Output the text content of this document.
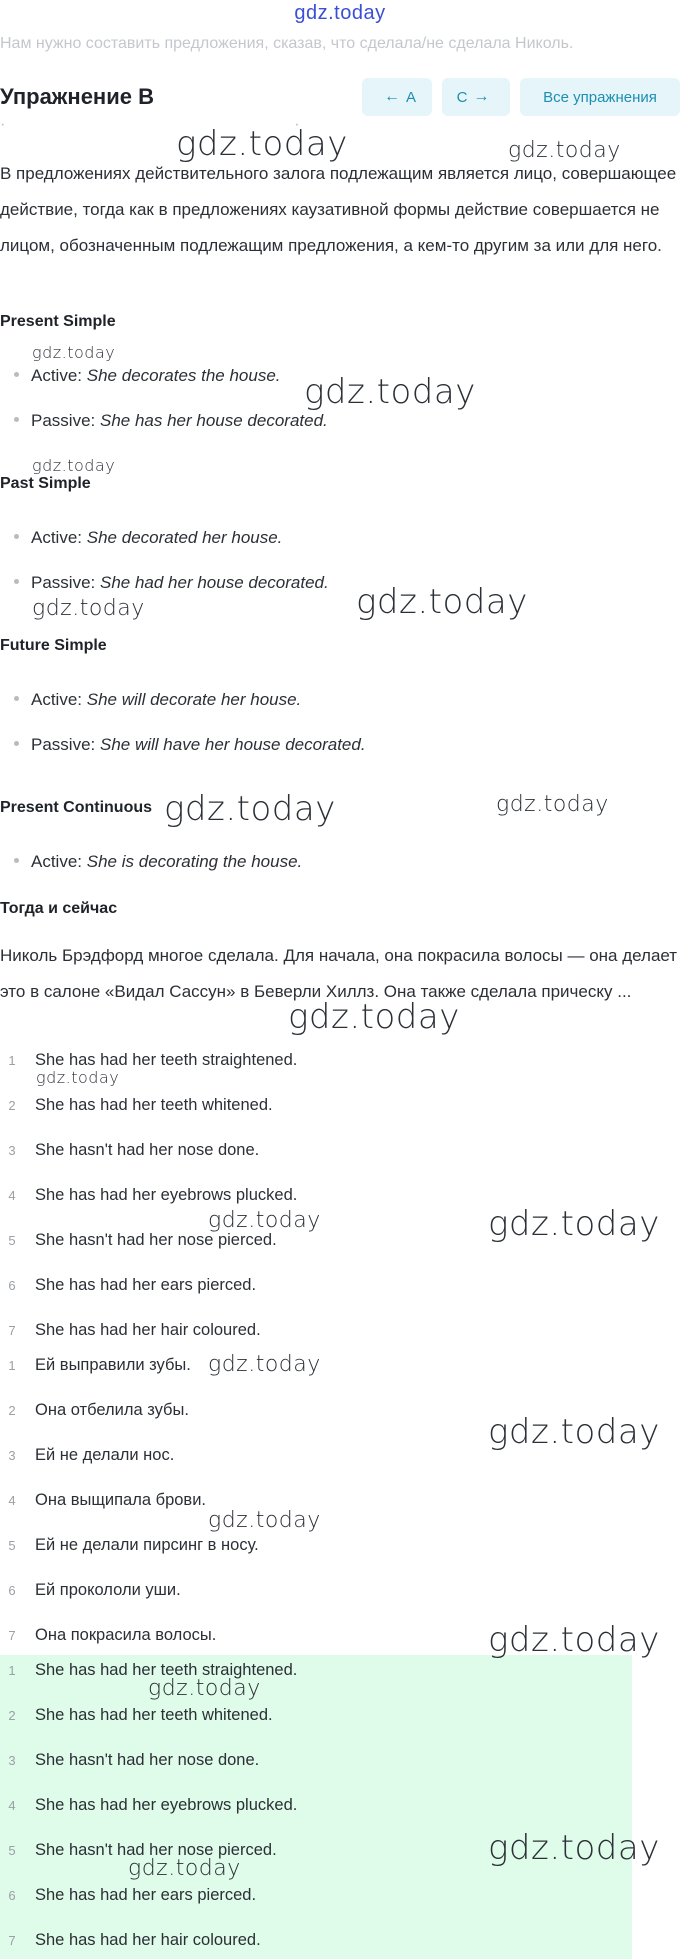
gdz.today
Нам нужно составить предложения, сказав, что сделала/не сделала Николь.
Упражнение B	← A	C →	Все упражнения
·                                                                 ·
В предложениях действительного залога подлежащим является лицо, совершающее действие, тогда как в предложениях каузативной формы действие совершается не лицом, обозначенным подлежащим предложения, а кем-то другим за или для него.
Present Simple
Active: She decorates the house.
Passive: She has her house decorated.
Past Simple
Active: She decorated her house.
Passive: She had her house decorated.
Future Simple
Active: She will decorate her house.
Passive: She will have her house decorated.
Present Continuous
Active: She is decorating the house.
Тогда и сейчас
Николь Брэдфорд многое сделала. Для начала, она покрасила волосы — она делает это в салоне «Видал Сассун» в Беверли Хиллз. Она также сделала прическу ...
1 She has had her teeth straightened.
2 She has had her teeth whitened.
3 She hasn't had her nose done.
4 She has had her eyebrows plucked.
5 She hasn't had her nose pierced.
6 She has had her ears pierced.
7 She has had her hair coloured.
1 Ей выправили зубы.
2 Она отбелила зубы.
3 Ей не делали нос.
4 Она выщипала брови.
5 Ей не делали пирсинг в носу.
6 Ей прокололи уши.
7 Она покрасила волосы.
1 She has had her teeth straightened.
2 She has had her teeth whitened.
3 She hasn't had her nose done.
4 She has had her eyebrows plucked.
5 She hasn't had her nose pierced.
6 She has had her ears pierced.
7 She has had her hair coloured.
gdz.today	gdz.today
gdz.today
gdz.today
gdz.today
gdz.today	gdz.today
gdz.today	gdz.today
gdz.today
gdz.today
gdz.today	gdz.today
gdz.today
gdz.today
gdz.today
gdz.today
gdz.today
gdz.today
gdz.today
